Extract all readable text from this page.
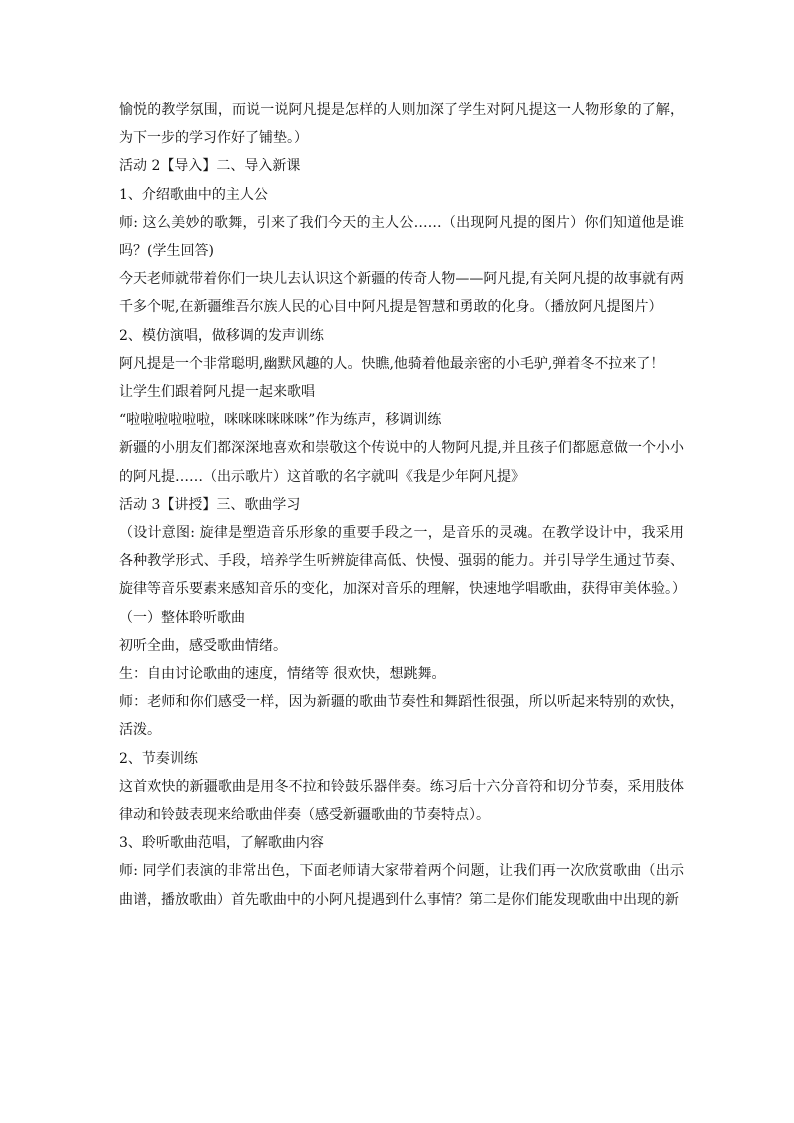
愉悦的教学氛围，而说一说阿凡提是怎样的人则加深了学生对阿凡提这一人物形象的了解，为下一步的学习作好了铺垫。）

活动 2【导入】二、导入新课

1、介绍歌曲中的主人公

师: 这么美妙的歌舞，引来了我们今天的主人公……（出现阿凡提的图片）你们知道他是谁吗？(学生回答)

今天老师就带着你们一块儿去认识这个新疆的传奇人物——阿凡提,有关阿凡提的故事就有两千多个呢,在新疆维吾尔族人民的心目中阿凡提是智慧和勇敢的化身。（播放阿凡提图片）

2、模仿演唱，做移调的发声训练

阿凡提是一个非常聪明,幽默风趣的人。快瞧,他骑着他最亲密的小毛驴,弹着冬不拉来了！

让学生们跟着阿凡提一起来歌唱

“啦啦啦啦啦啦，咪咪咪咪咪咪”作为练声，移调训练

新疆的小朋友们都深深地喜欢和崇敬这个传说中的人物阿凡提,并且孩子们都愿意做一个小小的阿凡提……（出示歌片）这首歌的名字就叫《我是少年阿凡提》

活动 3【讲授】三、歌曲学习

（设计意图: 旋律是塑造音乐形象的重要手段之一，是音乐的灵魂。在教学设计中，我采用各种教学形式、手段，培养学生听辨旋律高低、快慢、强弱的能力。并引导学生通过节奏、旋律等音乐要素来感知音乐的变化，加深对音乐的理解，快速地学唱歌曲，获得审美体验。）

（一）整体聆听歌曲

初听全曲，感受歌曲情绪。

生：自由讨论歌曲的速度，情绪等 很欢快，想跳舞。

师：老师和你们感受一样，因为新疆的歌曲节奏性和舞蹈性很强，所以听起来特别的欢快，活泼。

2、节奏训练

这首欢快的新疆歌曲是用冬不拉和铃鼓乐器伴奏。练习后十六分音符和切分节奏，采用肢体律动和铃鼓表现来给歌曲伴奏（感受新疆歌曲的节奏特点）。

3、聆听歌曲范唱，了解歌曲内容

师: 同学们表演的非常出色，下面老师请大家带着两个问题，让我们再一次欣赏歌曲（出示曲谱，播放歌曲）首先歌曲中的小阿凡提遇到什么事情？第二是你们能发现歌曲中出现的新
